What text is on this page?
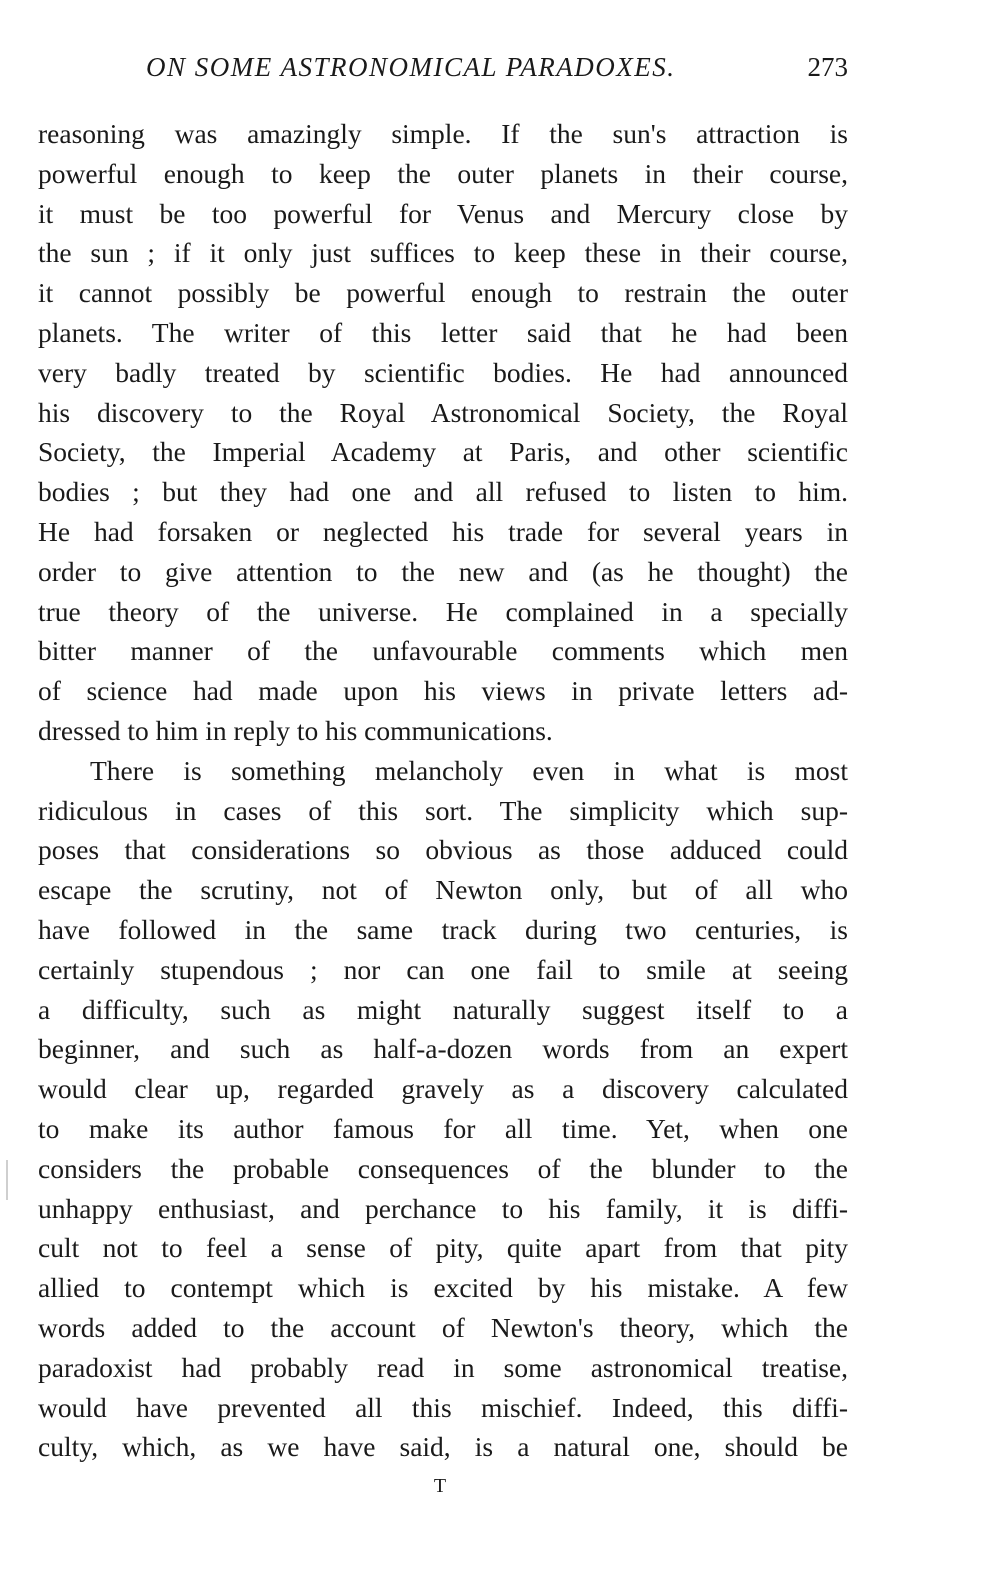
ON SOME ASTRONOMICAL PARADOXES.	273
reasoning was amazingly simple. If the sun's attraction is
powerful enough to keep the outer planets in their course,
it must be too powerful for Venus and Mercury close by
the sun ; if it only just suffices to keep these in their course,
it cannot possibly be powerful enough to restrain the outer
planets. The writer of this letter said that he had been
very badly treated by scientific bodies. He had announced
his discovery to the Royal Astronomical Society, the Royal
Society, the Imperial Academy at Paris, and other scientific
bodies ; but they had one and all refused to listen to him.
He had forsaken or neglected his trade for several years in
order to give attention to the new and (as he thought) the
true theory of the universe. He complained in a specially
bitter manner of the unfavourable comments which men
of science had made upon his views in private letters ad-
dressed to him in reply to his communications.
There is something melancholy even in what is most
ridiculous in cases of this sort. The simplicity which sup-
poses that considerations so obvious as those adduced could
escape the scrutiny, not of Newton only, but of all who
have followed in the same track during two centuries, is
certainly stupendous ; nor can one fail to smile at seeing
a difficulty, such as might naturally suggest itself to a
beginner, and such as half-a-dozen words from an expert
would clear up, regarded gravely as a discovery calculated
to make its author famous for all time. Yet, when one
considers the probable consequences of the blunder to the
unhappy enthusiast, and perchance to his family, it is diffi-
cult not to feel a sense of pity, quite apart from that pity
allied to contempt which is excited by his mistake. A few
words added to the account of Newton's theory, which the
paradoxist had probably read in some astronomical treatise,
would have prevented all this mischief. Indeed, this diffi-
culty, which, as we have said, is a natural one, should be
T
